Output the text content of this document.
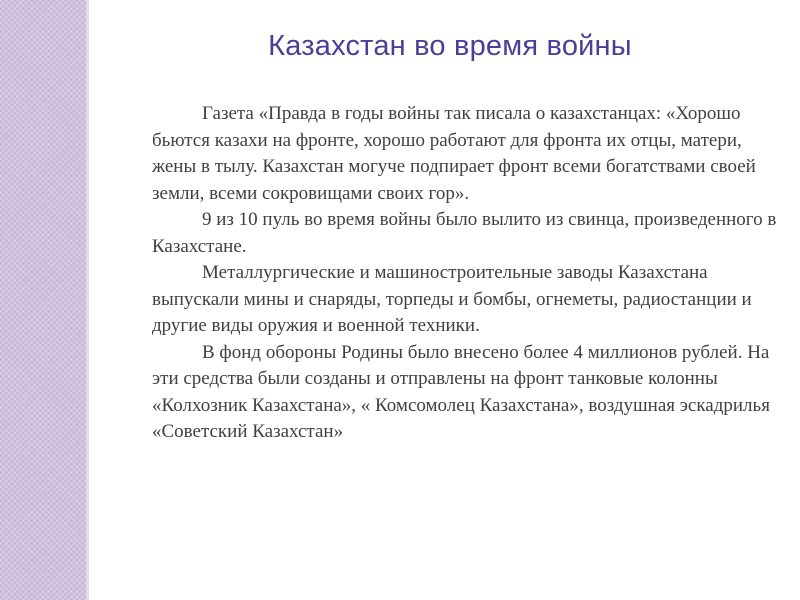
Казахстан во время войны

Газета «Правда в годы войны так писала о казахстанцах: «Хорошо бьются казахи на фронте, хорошо работают для фронта их отцы, матери, жены в тылу. Казахстан могуче подпирает фронт всеми богатствами своей земли, всеми сокровищами своих гор».

9 из 10 пуль во время войны было вылито из свинца, произведенного в Казахстане.

Металлургические и машиностроительные заводы Казахстана выпускали мины и снаряды, торпеды и бомбы, огнеметы, радиостанции и другие виды оружия и военной техники.

В фонд обороны Родины было внесено более 4 миллионов рублей. На эти средства были созданы и отправлены на фронт танковые колонны «Колхозник Казахстана», « Комсомолец Казахстана», воздушная эскадрилья «Советский Казахстан»
